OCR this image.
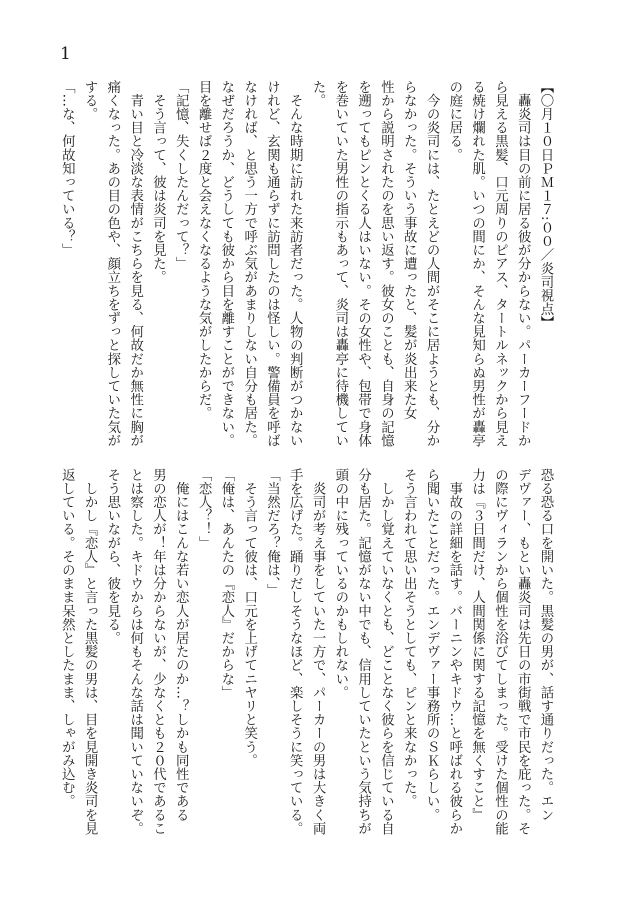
1
【〇月１０日ＰＭ１７:００／炎司視点】
　轟炎司は目の前に居る彼が分からない。パーカーフードか
ら見える黒髪、口元周りのピアス、タートルネックから見え
る焼け爛れた肌。いつの間にか、そんな見知らぬ男性が轟亭
の庭に居る。
　今の炎司には、たとえどの人間がそこに居ようとも、分か
らなかった。そういう事故に遭ったと、髪が炎出来た女
性から説明されたのを思い返す。彼女のことも、自身の記憶
を遡ってもピンとくる人はいない。その女性や、包帯で身体
を巻いていた男性の指示もあって、炎司は轟亭に待機してい
た。
　そんな時期に訪れた来訪者だった。人物の判断がつかない
けれど、玄関も通らずに訪問したのは怪しい。警備員を呼ば
なければ、と思う一方で呼ぶ気があまりしない自分も居た。
なぜだろうか、どうしても彼から目を離すことができない。
目を離せば２度と会えなくなるような気がしたからだ。
「記憶、失くしたんだって？」
　そう言って、彼は炎司を見た。
　青い目と冷淡な表情がこちらを見る、何故だか無性に胸が
痛くなった。あの目の色や、顔立ちをずっと探していた気が
する。
「…な、何故知っている？」
恐る恐る口を開いた。黒髪の男が、話す通りだった。エン
デヴァー、もとい轟炎司は先日の市街戦で市民を庇った。そ
の際にヴィランから個性を浴びてしまった。受けた個性の能
力は『３日間だけ、人間関係に関する記憶を無くすこと』
　事故の詳細を話す。バーニンやキドウ…と呼ばれる彼らか
ら聞いたことだった。エンデヴァー事務所のＳＫらしい。
そう言われて思い出そうとしても、ピンと来なかった。
　しかし覚えていなくとも、どことなく彼らを信じている自
分も居た。記憶がない中でも、信用していたという気持ちが
頭の中に残っているのかもしれない。
　炎司が考え事をしていた一方で、パーカーの男は大きく両
手を広げた。踊りだしそうなほど、楽しそうに笑っている。
「当然だろ？俺は、」
　そう言って彼は、口元を上げてニヤリと笑う。
「俺は、あんたの『恋人』だからな」
「恋人？！」
　俺にはこんな若い恋人が居たのか…？しかも同性である
男の恋人が！年は分からないが、少なくとも２０代であるこ
とは察した。キドウからは何もそんな話は聞いていないぞ。
そう思いながら、彼を見る。
　しかし『恋人』と言った黒髪の男は、目を見開き炎司を見
返している。そのまま呆然としたまま、しゃがみ込む。
